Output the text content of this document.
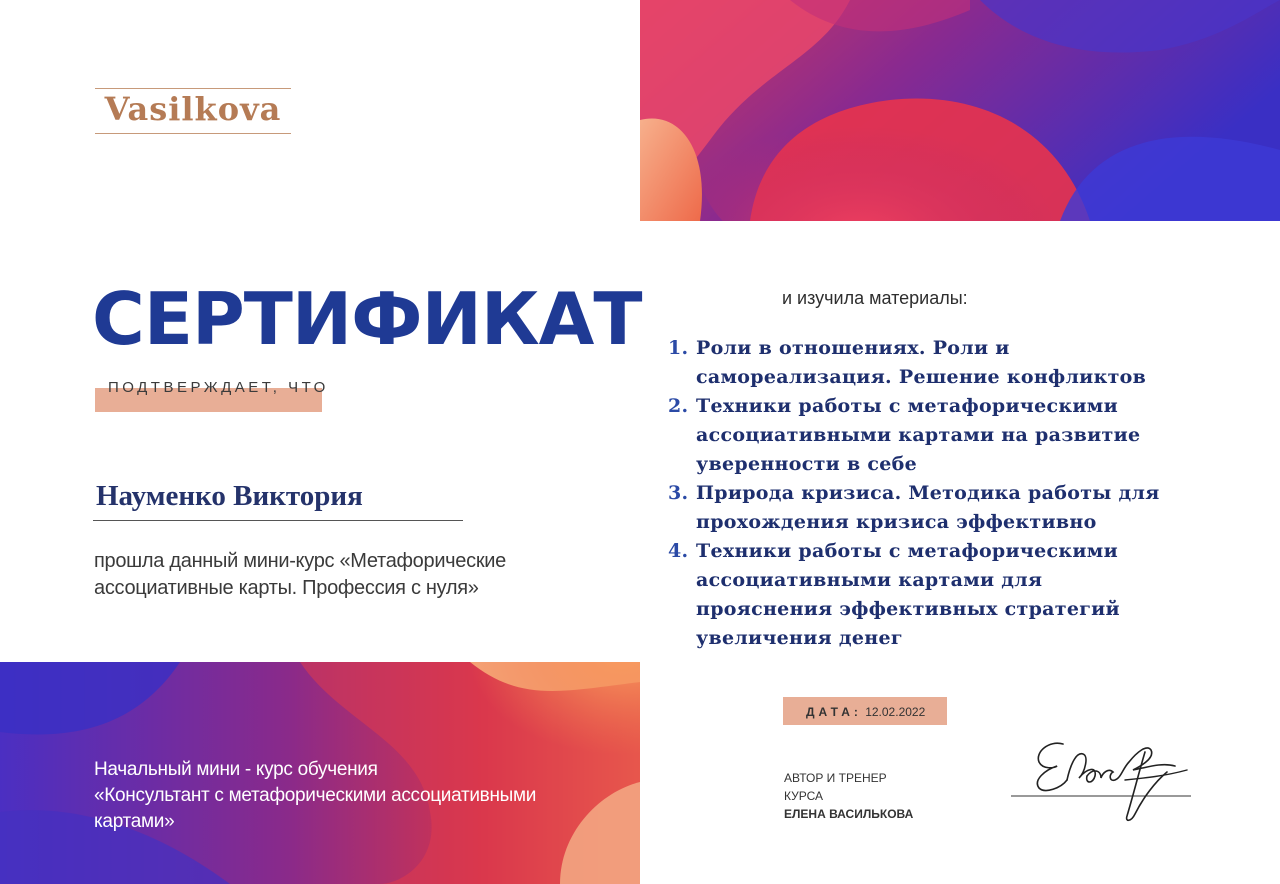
Vasilkova
СЕРТИФИКАТ
ПОДТВЕРЖДАЕТ, ЧТО
Науменко Виктория
прошла данный мини-курс «Метафорические
ассоциативные карты. Профессия с нуля»
Начальный мини - курс обучения
«Консультант с метафорическими ассоциативными
картами»
и изучила материалы:
1. Роли в отношениях. Роли и
самореализация. Решение конфликтов
2. Техники работы с метафорическими
ассоциативными картами на развитие
уверенности в себе
3. Природа кризиса. Методика работы для
прохождения кризиса эффективно
4. Техники работы с метафорическими
ассоциативными картами для
прояснения эффективных стратегий
увеличения денег
ДАТА: 12.02.2022
АВТОР И ТРЕНЕР
КУРСА
ЕЛЕНА ВАСИЛЬКОВА
